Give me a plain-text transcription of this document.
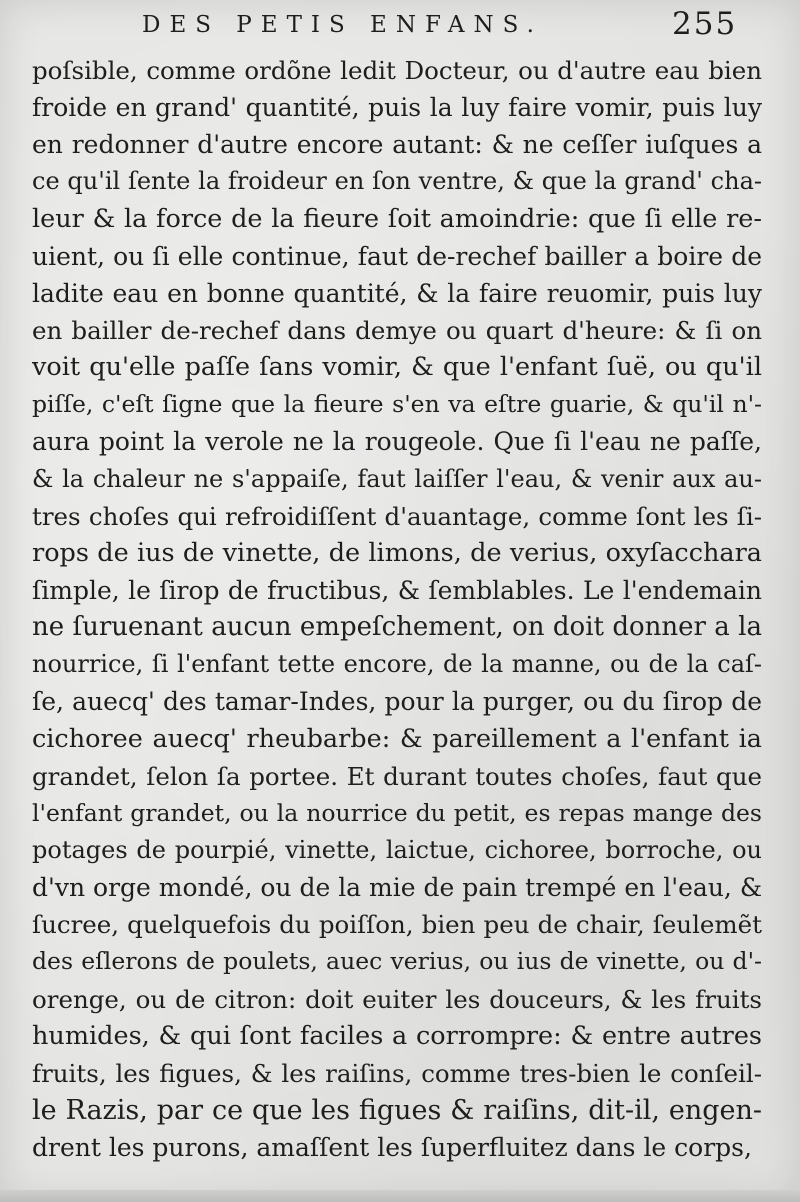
DES PETIS ENFANS.	255
poſsible, comme ordõne ledit Docteur, ou d'autre eau bien
froide en grand' quantité, puis la luy faire vomir, puis luy
en redonner d'autre encore autant: & ne ceſſer iuſques a
ce qu'il ſente la froideur en ſon ventre, & que la grand' cha-
leur & la force de la fieure ſoit amoindrie: que ſi elle re-
uient, ou ſi elle continue, faut de-rechef bailler a boire de
ladite eau en bonne quantité, & la faire reuomir, puis luy
en bailler de-rechef dans demye ou quart d'heure: & ſi on
voit qu'elle paſſe ſans vomir, & que l'enfant ſuë, ou qu'il
piſſe, c'eſt ſigne que la fieure s'en va eſtre guarie, & qu'il n'-
aura point la verole ne la rougeole. Que ſi l'eau ne paſſe,
& la chaleur ne s'appaiſe, faut laiſſer l'eau, & venir aux au-
tres choſes qui refroidiſſent d'auantage, comme ſont les ſi-
rops de ius de vinette, de limons, de verius, oxyſacchara
ſimple, le ſirop de fructibus, & ſemblables. Le l'endemain
ne ſuruenant aucun empeſchement, on doit donner a la
nourrice, ſi l'enfant tette encore, de la manne, ou de la caſ-
ſe, auecq' des tamar-Indes, pour la purger, ou du ſirop de
cichoree auecq' rheubarbe: & pareillement a l'enfant ia
grandet, ſelon ſa portee. Et durant toutes choſes, faut que
l'enfant grandet, ou la nourrice du petit, es repas mange des
potages de pourpié, vinette, laictue, cichoree, borroche, ou
d'vn orge mondé, ou de la mie de pain trempé en l'eau, &
ſucree, quelquefois du poiſſon, bien peu de chair, ſeulemẽt
des eſlerons de poulets, auec verius, ou ius de vinette, ou d'-
orenge, ou de citron: doit euiter les douceurs, & les fruits
humides, & qui ſont faciles a corrompre: & entre autres
fruits, les figues, & les raiſins, comme tres-bien le conſeil-
le Razis, par ce que les figues & raiſins, dit-il, engen-
drent les purons, amaſſent les ſuperfluitez dans le corps,
